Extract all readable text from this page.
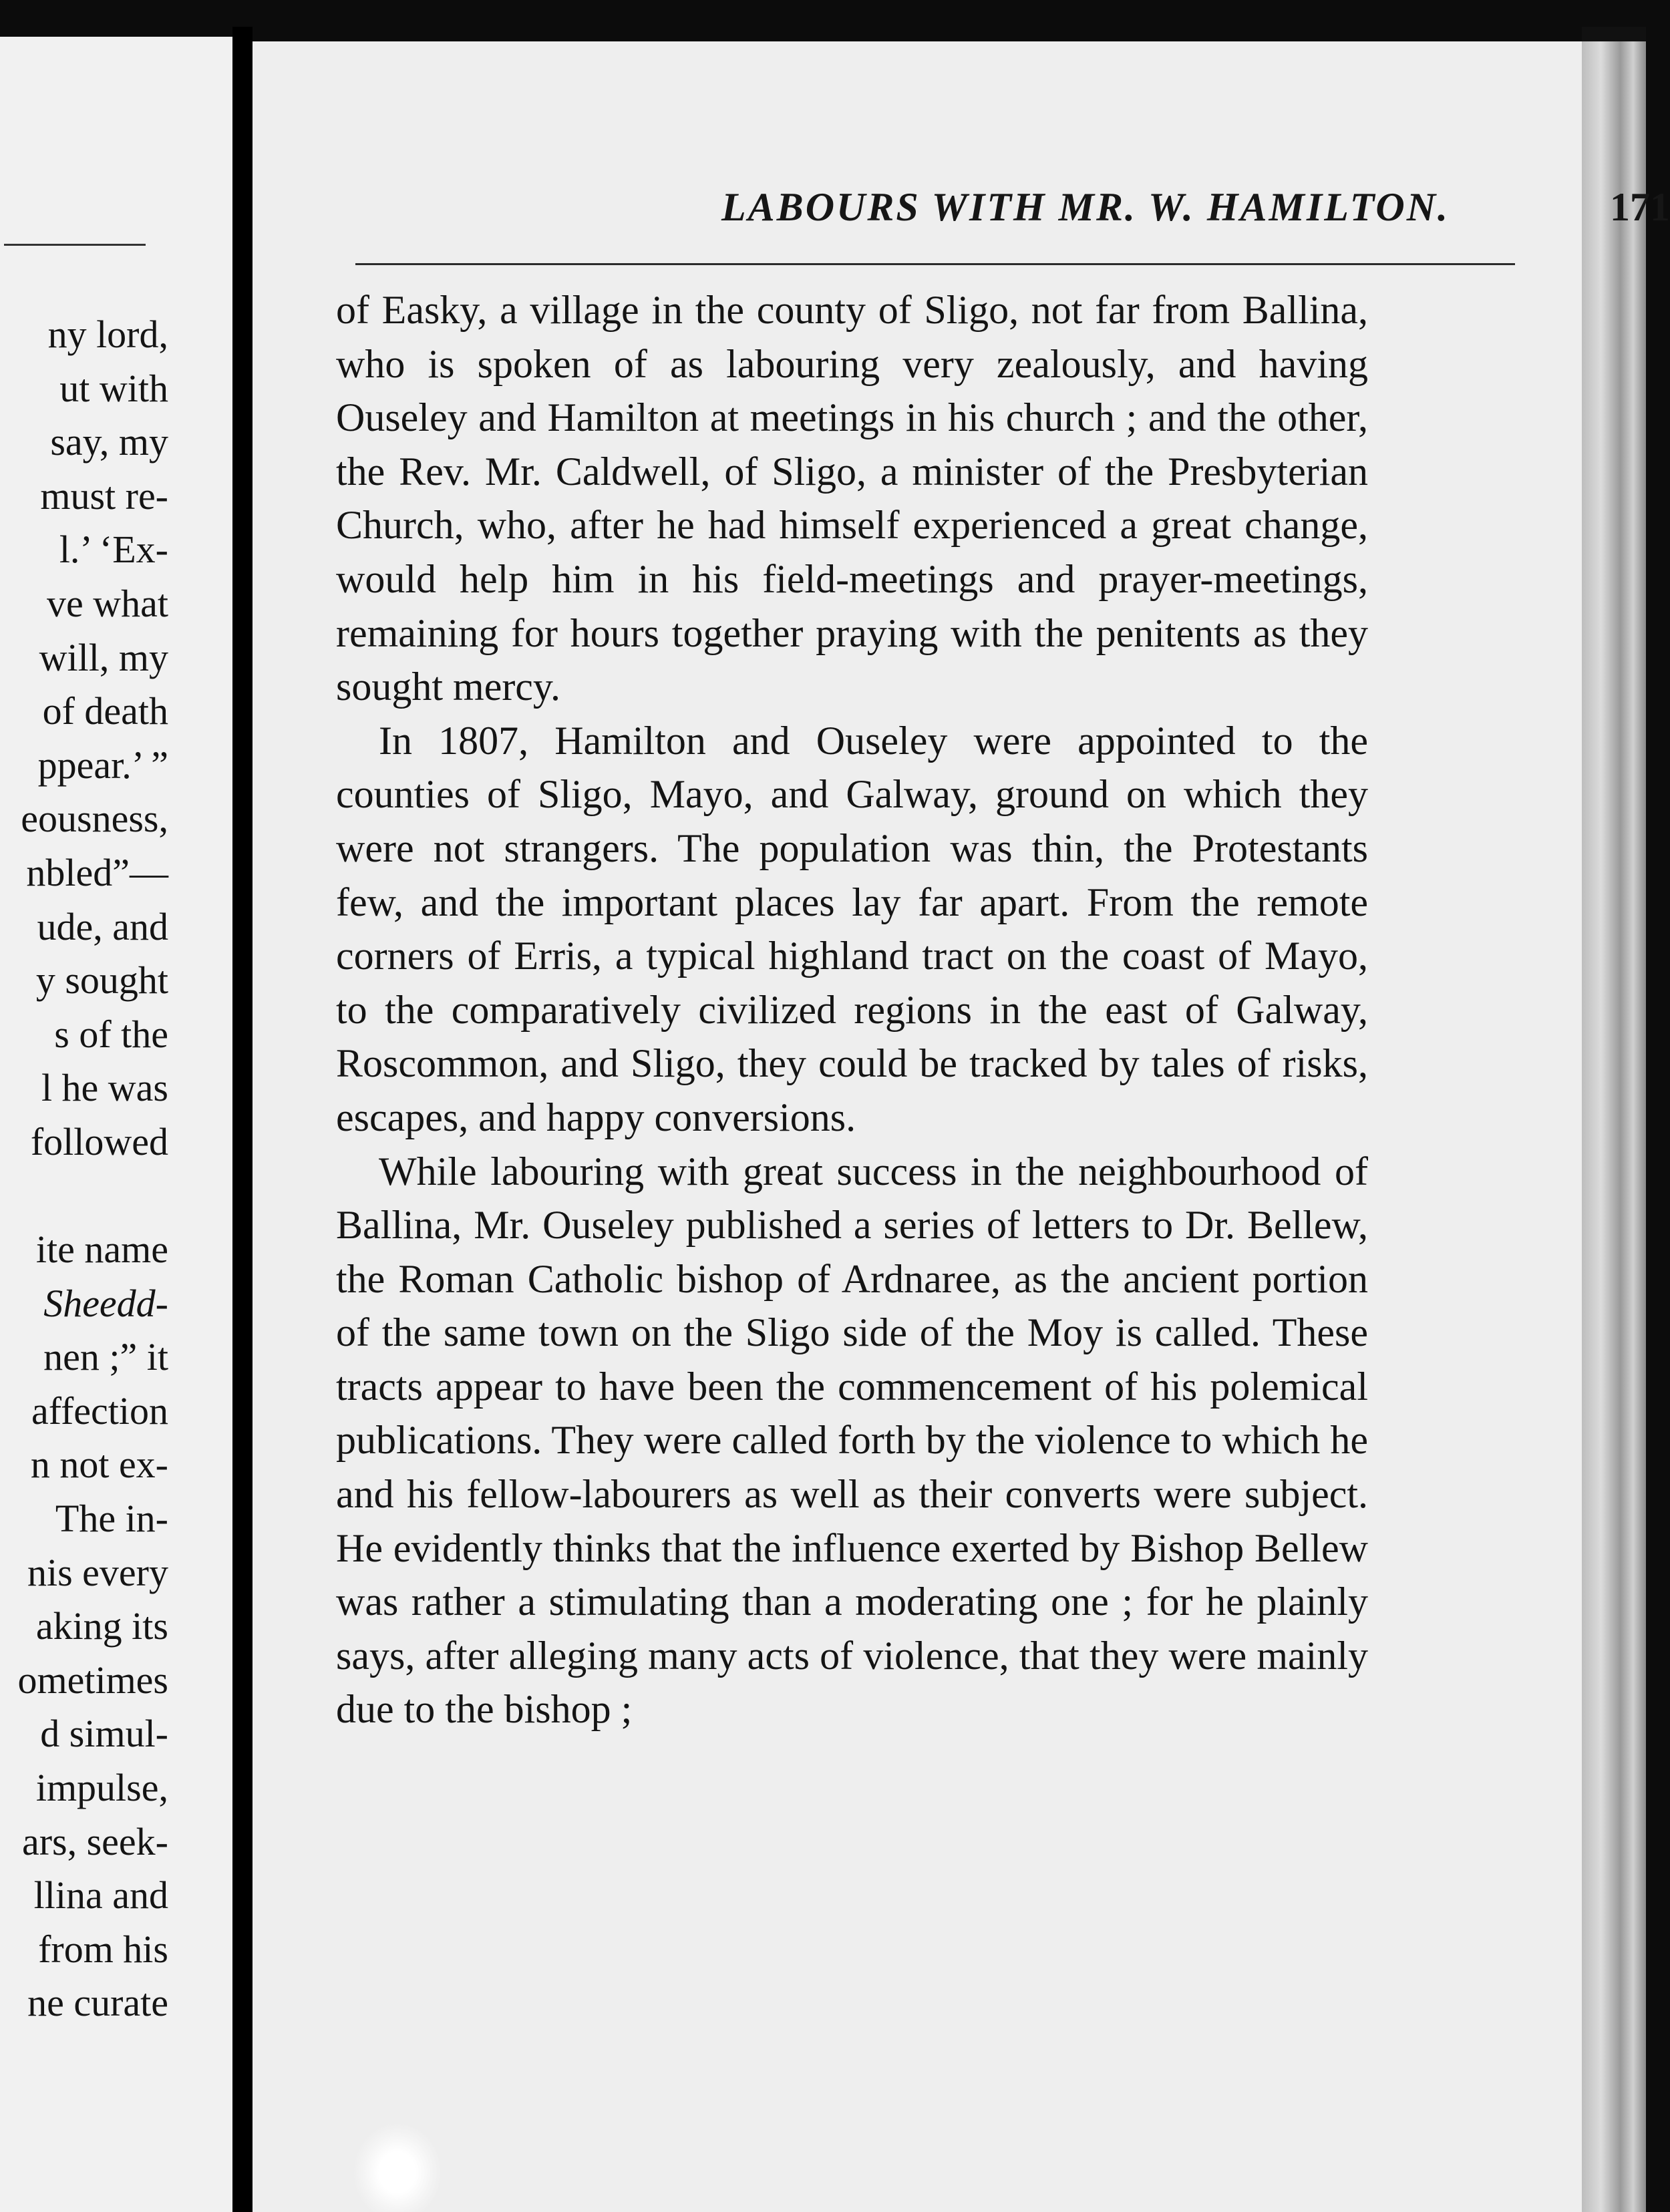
ny lord,
ut with
say, my
must re-
l.’ ‘Ex-
ve what
will, my
of death
ppear.’ ”
eousness,
nbled”—
ude, and
y sought
s of the
l he was
followed

ite name
Sheedd-
nen ;” it
affection
n not ex-
The in-
nis every
aking its
ometimes
d simul-
impulse,
ars, seek-
llina and
from his
ne curate
LABOURS WITH MR. W. HAMILTON.	171

of Easky, a village in the county of Sligo, not far from Ballina, who is spoken of as labouring very zealously, and having Ouseley and Hamilton at meetings in his church ; and the other, the Rev. Mr. Caldwell, of Sligo, a minister of the Presbyterian Church, who, after he had himself experienced a great change, would help him in his field-meetings and prayer-meetings, remaining for hours together praying with the penitents as they sought mercy.

In 1807, Hamilton and Ouseley were appointed to the counties of Sligo, Mayo, and Galway, ground on which they were not strangers. The population was thin, the Protestants few, and the important places lay far apart. From the remote corners of Erris, a typical highland tract on the coast of Mayo, to the comparatively civilized regions in the east of Galway, Roscommon, and Sligo, they could be tracked by tales of risks, escapes, and happy conversions.

While labouring with great success in the neighbourhood of Ballina, Mr. Ouseley published a series of letters to Dr. Bellew, the Roman Catholic bishop of Ardnaree, as the ancient portion of the same town on the Sligo side of the Moy is called. These tracts appear to have been the commencement of his polemical publications. They were called forth by the violence to which he and his fellow-labourers as well as their converts were subject. He evidently thinks that the influence exerted by Bishop Bellew was rather a stimulating than a moderating one ; for he plainly says, after alleging many acts of violence, that they were mainly due to the bishop ;
